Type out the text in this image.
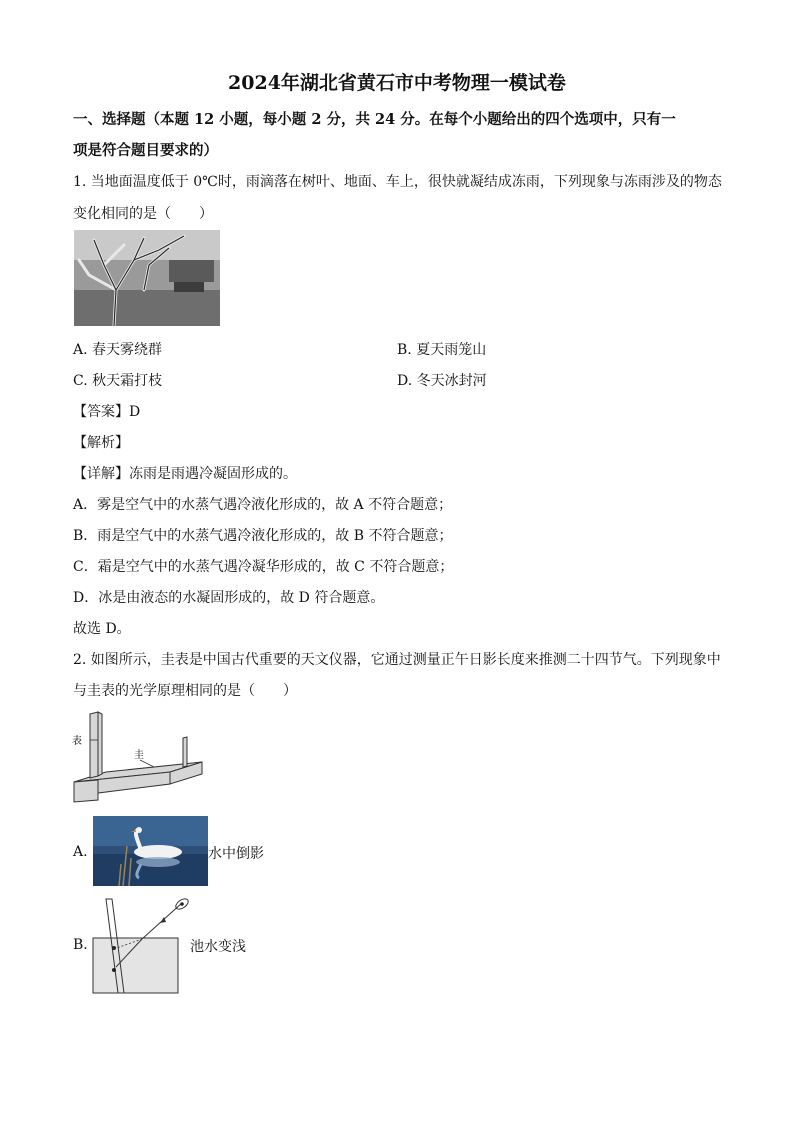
2024年湖北省黄石市中考物理一模试卷
一、选择题（本题 12 小题，每小题 2 分，共 24 分。在每个小题给出的四个选项中，只有一
项是符合题目要求的）
1. 当地面温度低于 0℃时，雨滴落在树叶、地面、车上，很快就凝结成冻雨，下列现象与冻雨涉及的物态
变化相同的是（　　）
A. 春天雾绕群	B. 夏天雨笼山
C. 秋天霜打枝	D. 冬天冰封河
【答案】D
【解析】
【详解】冻雨是雨遇冷凝固形成的。
A．雾是空气中的水蒸气遇冷液化形成的，故 A 不符合题意；
B．雨是空气中的水蒸气遇冷液化形成的，故 B 不符合题意；
C．霜是空气中的水蒸气遇冷凝华形成的，故 C 不符合题意；
D．冰是由液态的水凝固形成的，故 D 符合题意。
故选 D。
2. 如图所示，圭表是中国古代重要的天文仪器，它通过测量正午日影长度来推测二十四节气。下列现象中
与圭表的光学原理相同的是（　　）
表
圭
A.	水中倒影
B.	池水变浅
